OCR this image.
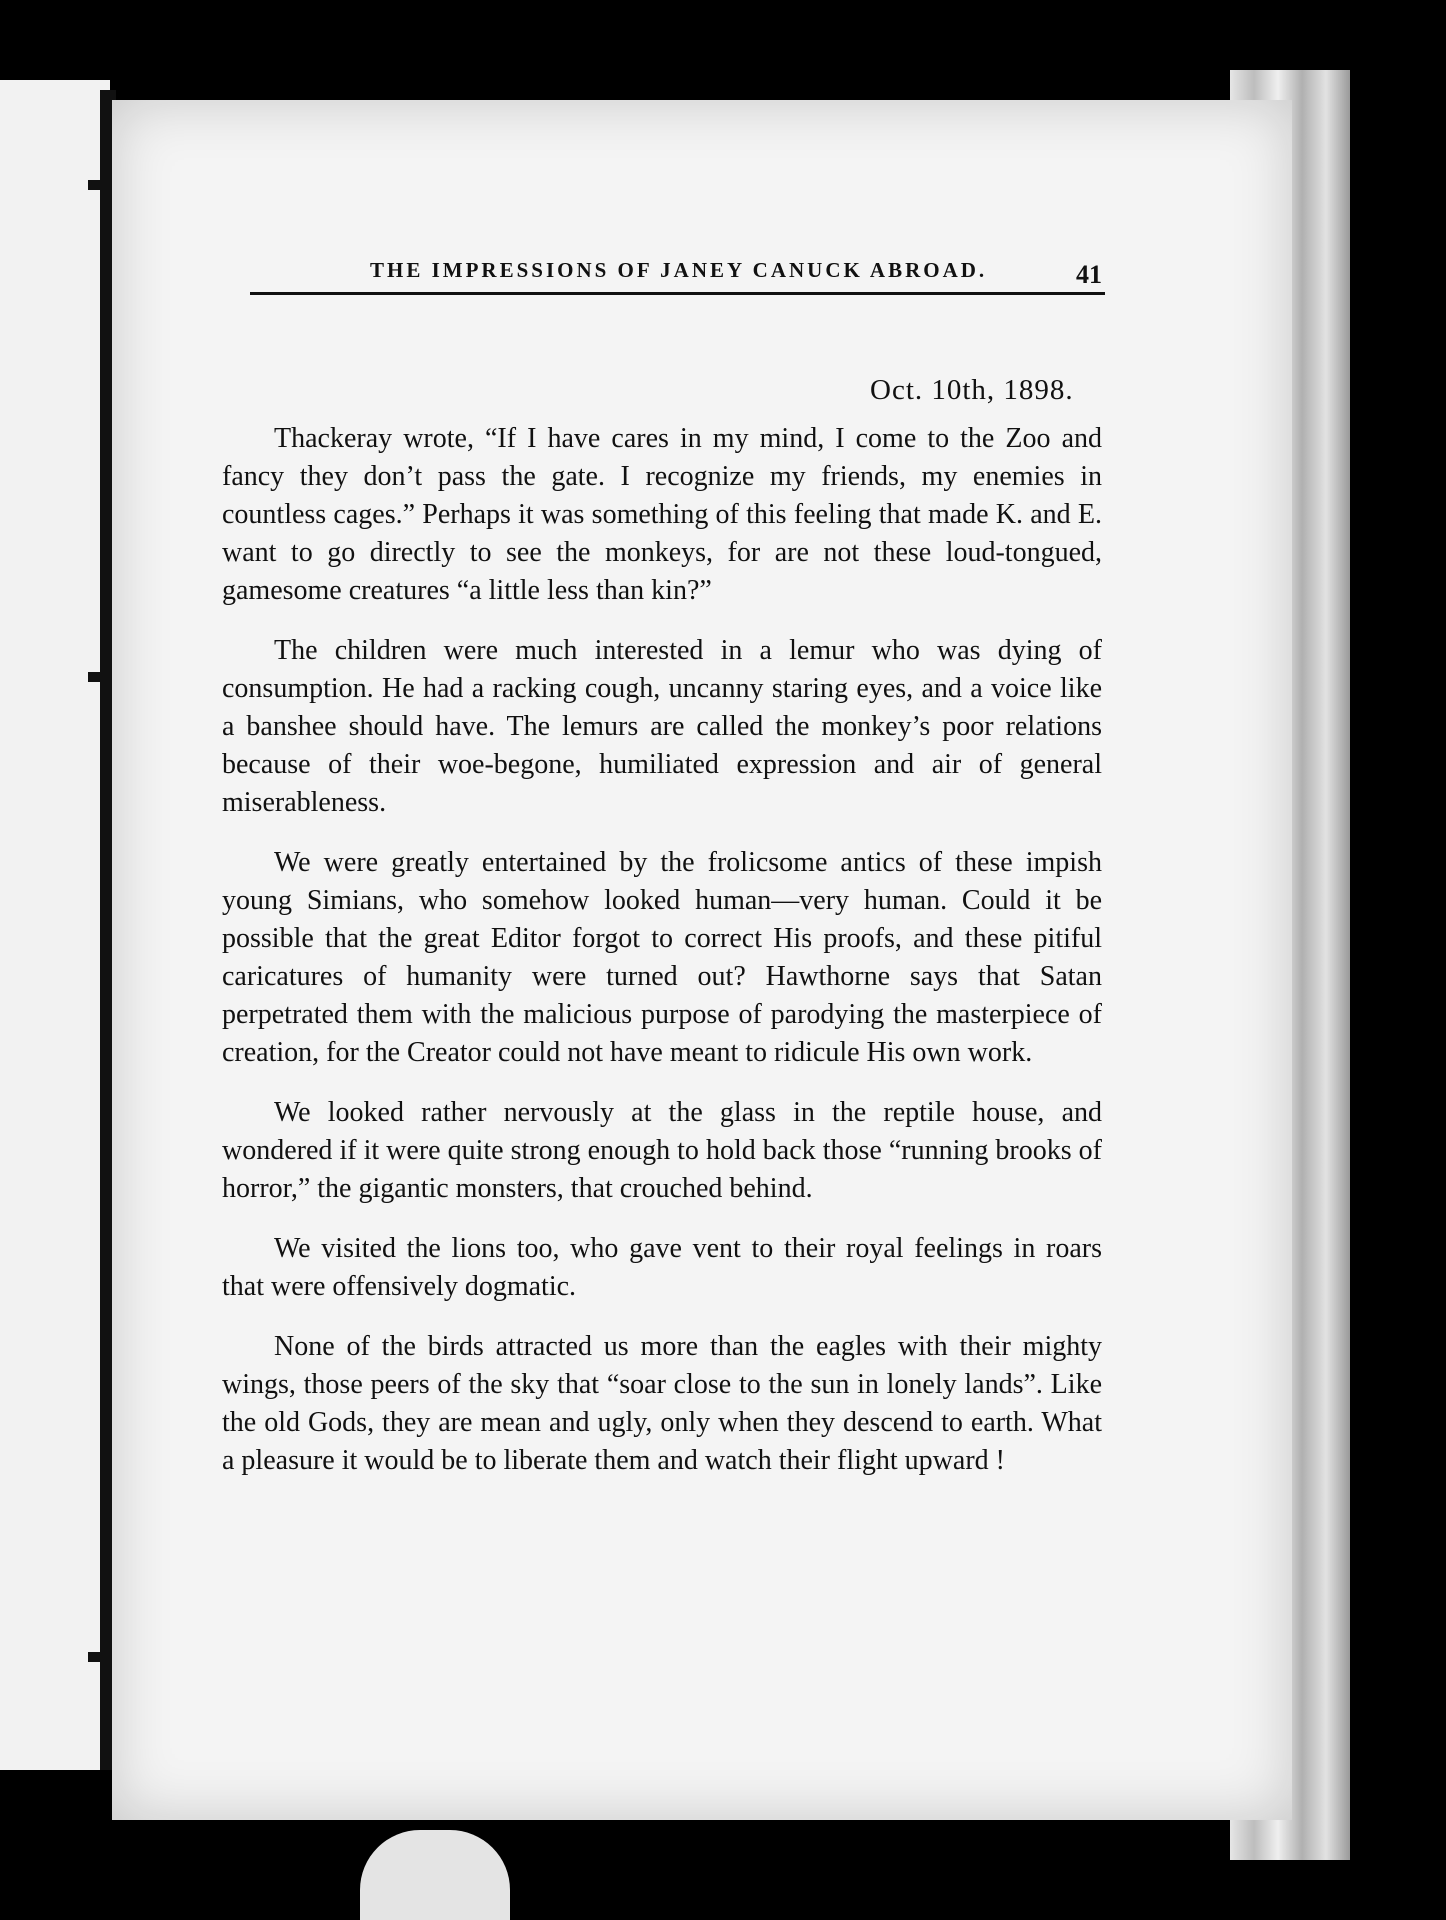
THE IMPRESSIONS OF JANEY CANUCK ABROAD.	41
Oct. 10th, 1898.

Thackeray wrote, “If I have cares in my mind, I come to the Zoo and fancy they don’t pass the gate. I recognize my friends, my enemies in countless cages.” Perhaps it was something of this feeling that made K. and E. want to go directly to see the monkeys, for are not these loud-tongued, gamesome creatures “a little less than kin?”

The children were much interested in a lemur who was dying of consumption. He had a racking cough, uncanny staring eyes, and a voice like a banshee should have. The lemurs are called the monkey’s poor relations because of their woe-begone, humiliated expression and air of general miserableness.

We were greatly entertained by the frolicsome antics of these impish young Simians, who somehow looked human—very human. Could it be possible that the great Editor forgot to correct His proofs, and these pitiful caricatures of humanity were turned out? Hawthorne says that Satan perpetrated them with the malicious purpose of parodying the masterpiece of creation, for the Creator could not have meant to ridicule His own work.

We looked rather nervously at the glass in the reptile house, and wondered if it were quite strong enough to hold back those “running brooks of horror,” the gigantic monsters, that crouched behind.

We visited the lions too, who gave vent to their royal feelings in roars that were offensively dogmatic.

None of the birds attracted us more than the eagles with their mighty wings, those peers of the sky that “soar close to the sun in lonely lands”. Like the old Gods, they are mean and ugly, only when they descend to earth. What a pleasure it would be to liberate them and watch their flight upward !
